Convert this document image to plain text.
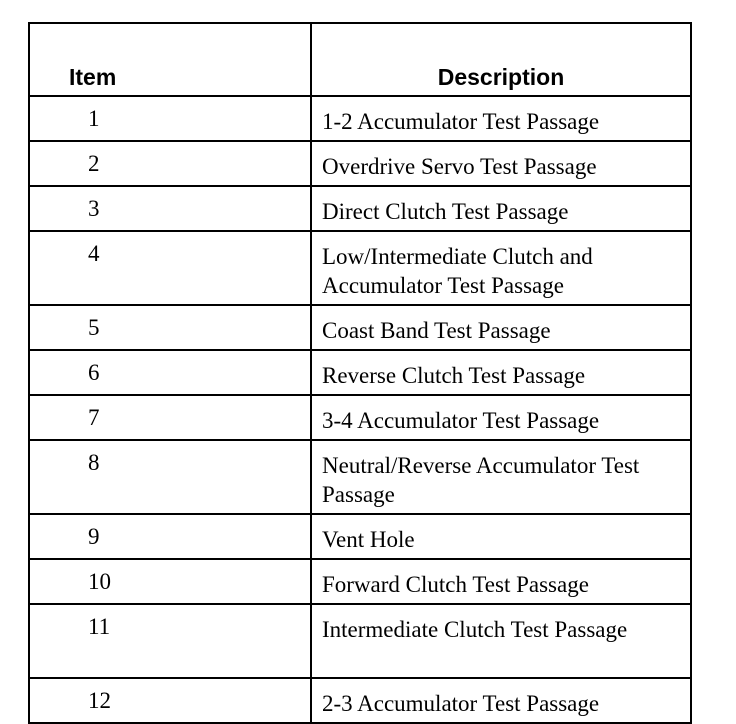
Item	Description
1	1-2 Accumulator Test Passage
2	Overdrive Servo Test Passage
3	Direct Clutch Test Passage
4	Low/Intermediate Clutch and Accumulator Test Passage
5	Coast Band Test Passage
6	Reverse Clutch Test Passage
7	3-4 Accumulator Test Passage
8	Neutral/Reverse Accumulator Test Passage
9	Vent Hole
10	Forward Clutch Test Passage
11	Intermediate Clutch Test Passage
12	2-3 Accumulator Test Passage
